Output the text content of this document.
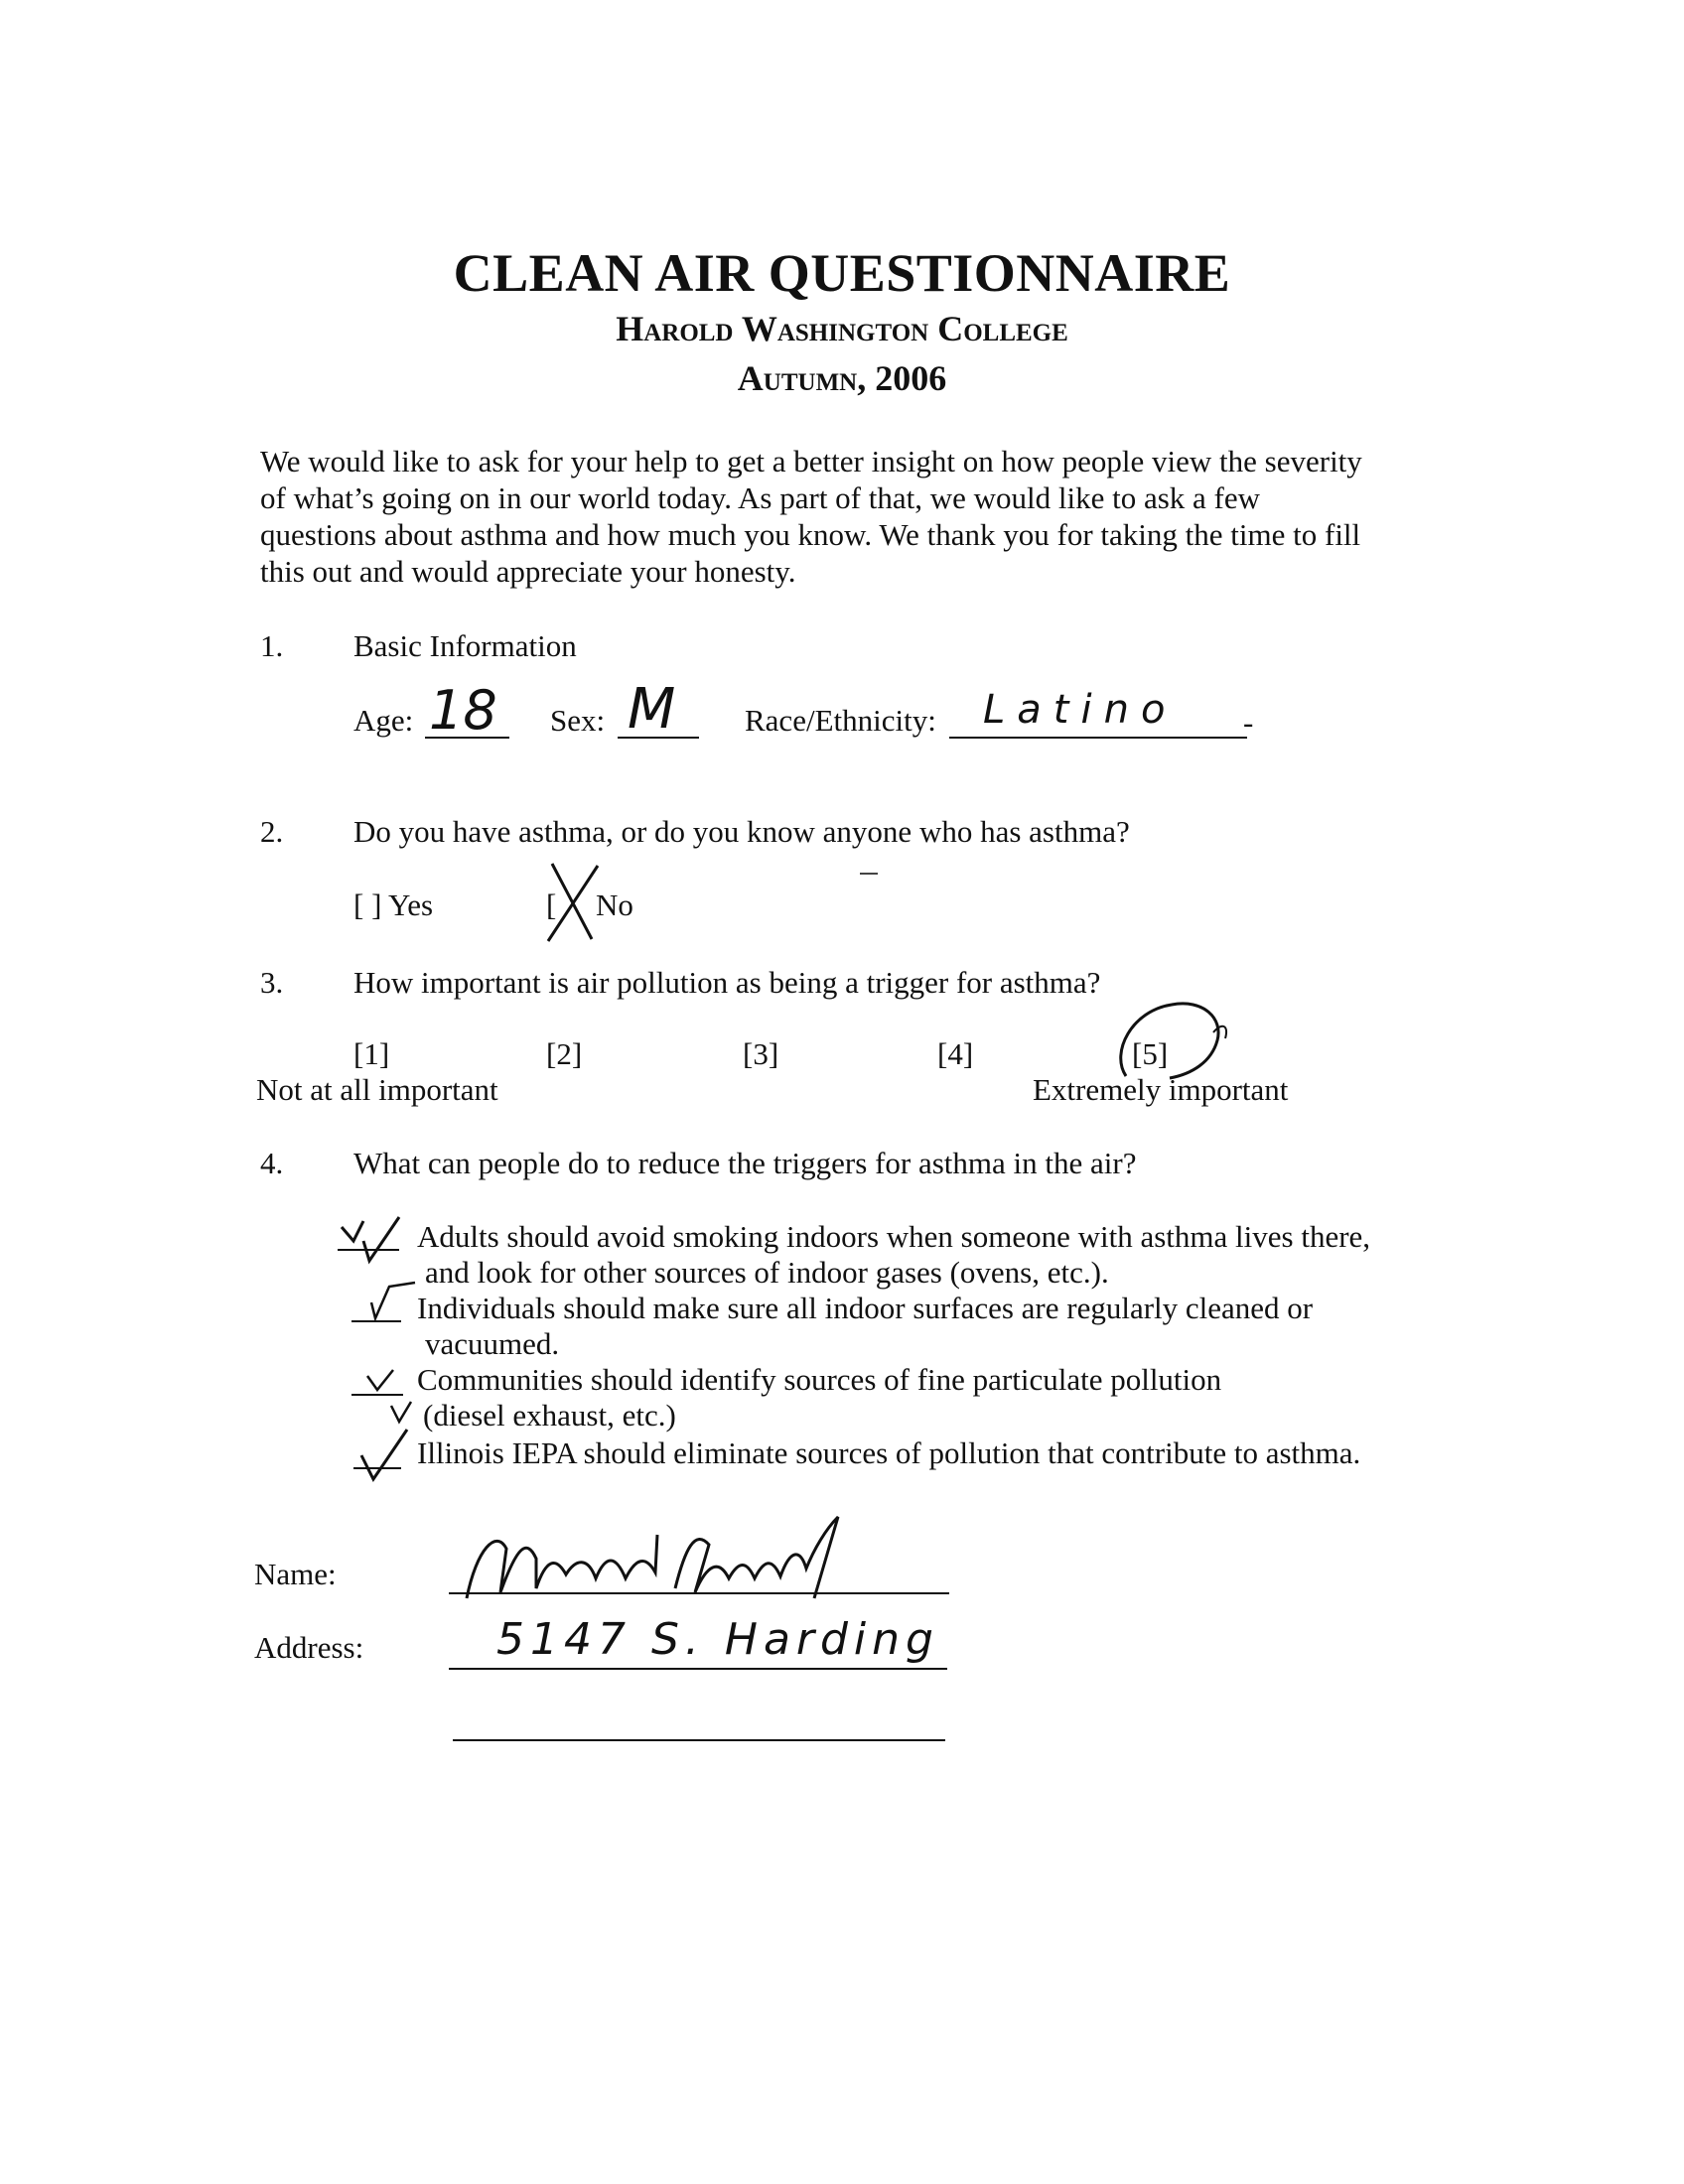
CLEAN AIR QUESTIONNAIRE
Harold Washington College
Autumn, 2006
We would like to ask for your help to get a better insight on how people view the severity
of what’s going on in our world today. As part of that, we would like to ask a few
questions about asthma and how much you know. We thank you for taking the time to fill
this out and would appreciate your honesty.
1. Basic Information
Age: 18 Sex: M Race/Ethnicity: Latino -
2. Do you have asthma, or do you know anyone who has asthma?
[ ] Yes	[ No
3. How important is air pollution as being a trigger for asthma?
[1]	[2]	[3]	[4]	[5]
Not at all important	Extremely important
4. What can people do to reduce the triggers for asthma in the air?
Adults should avoid smoking indoors when someone with asthma lives there,
and look for other sources of indoor gases (ovens, etc.).
Individuals should make sure all indoor surfaces are regularly cleaned or
vacuumed.
Communities should identify sources of fine particulate pollution
(diesel exhaust, etc.)
Illinois IEPA should eliminate sources of pollution that contribute to asthma.
Name:
Address:	5147 S. Harding
